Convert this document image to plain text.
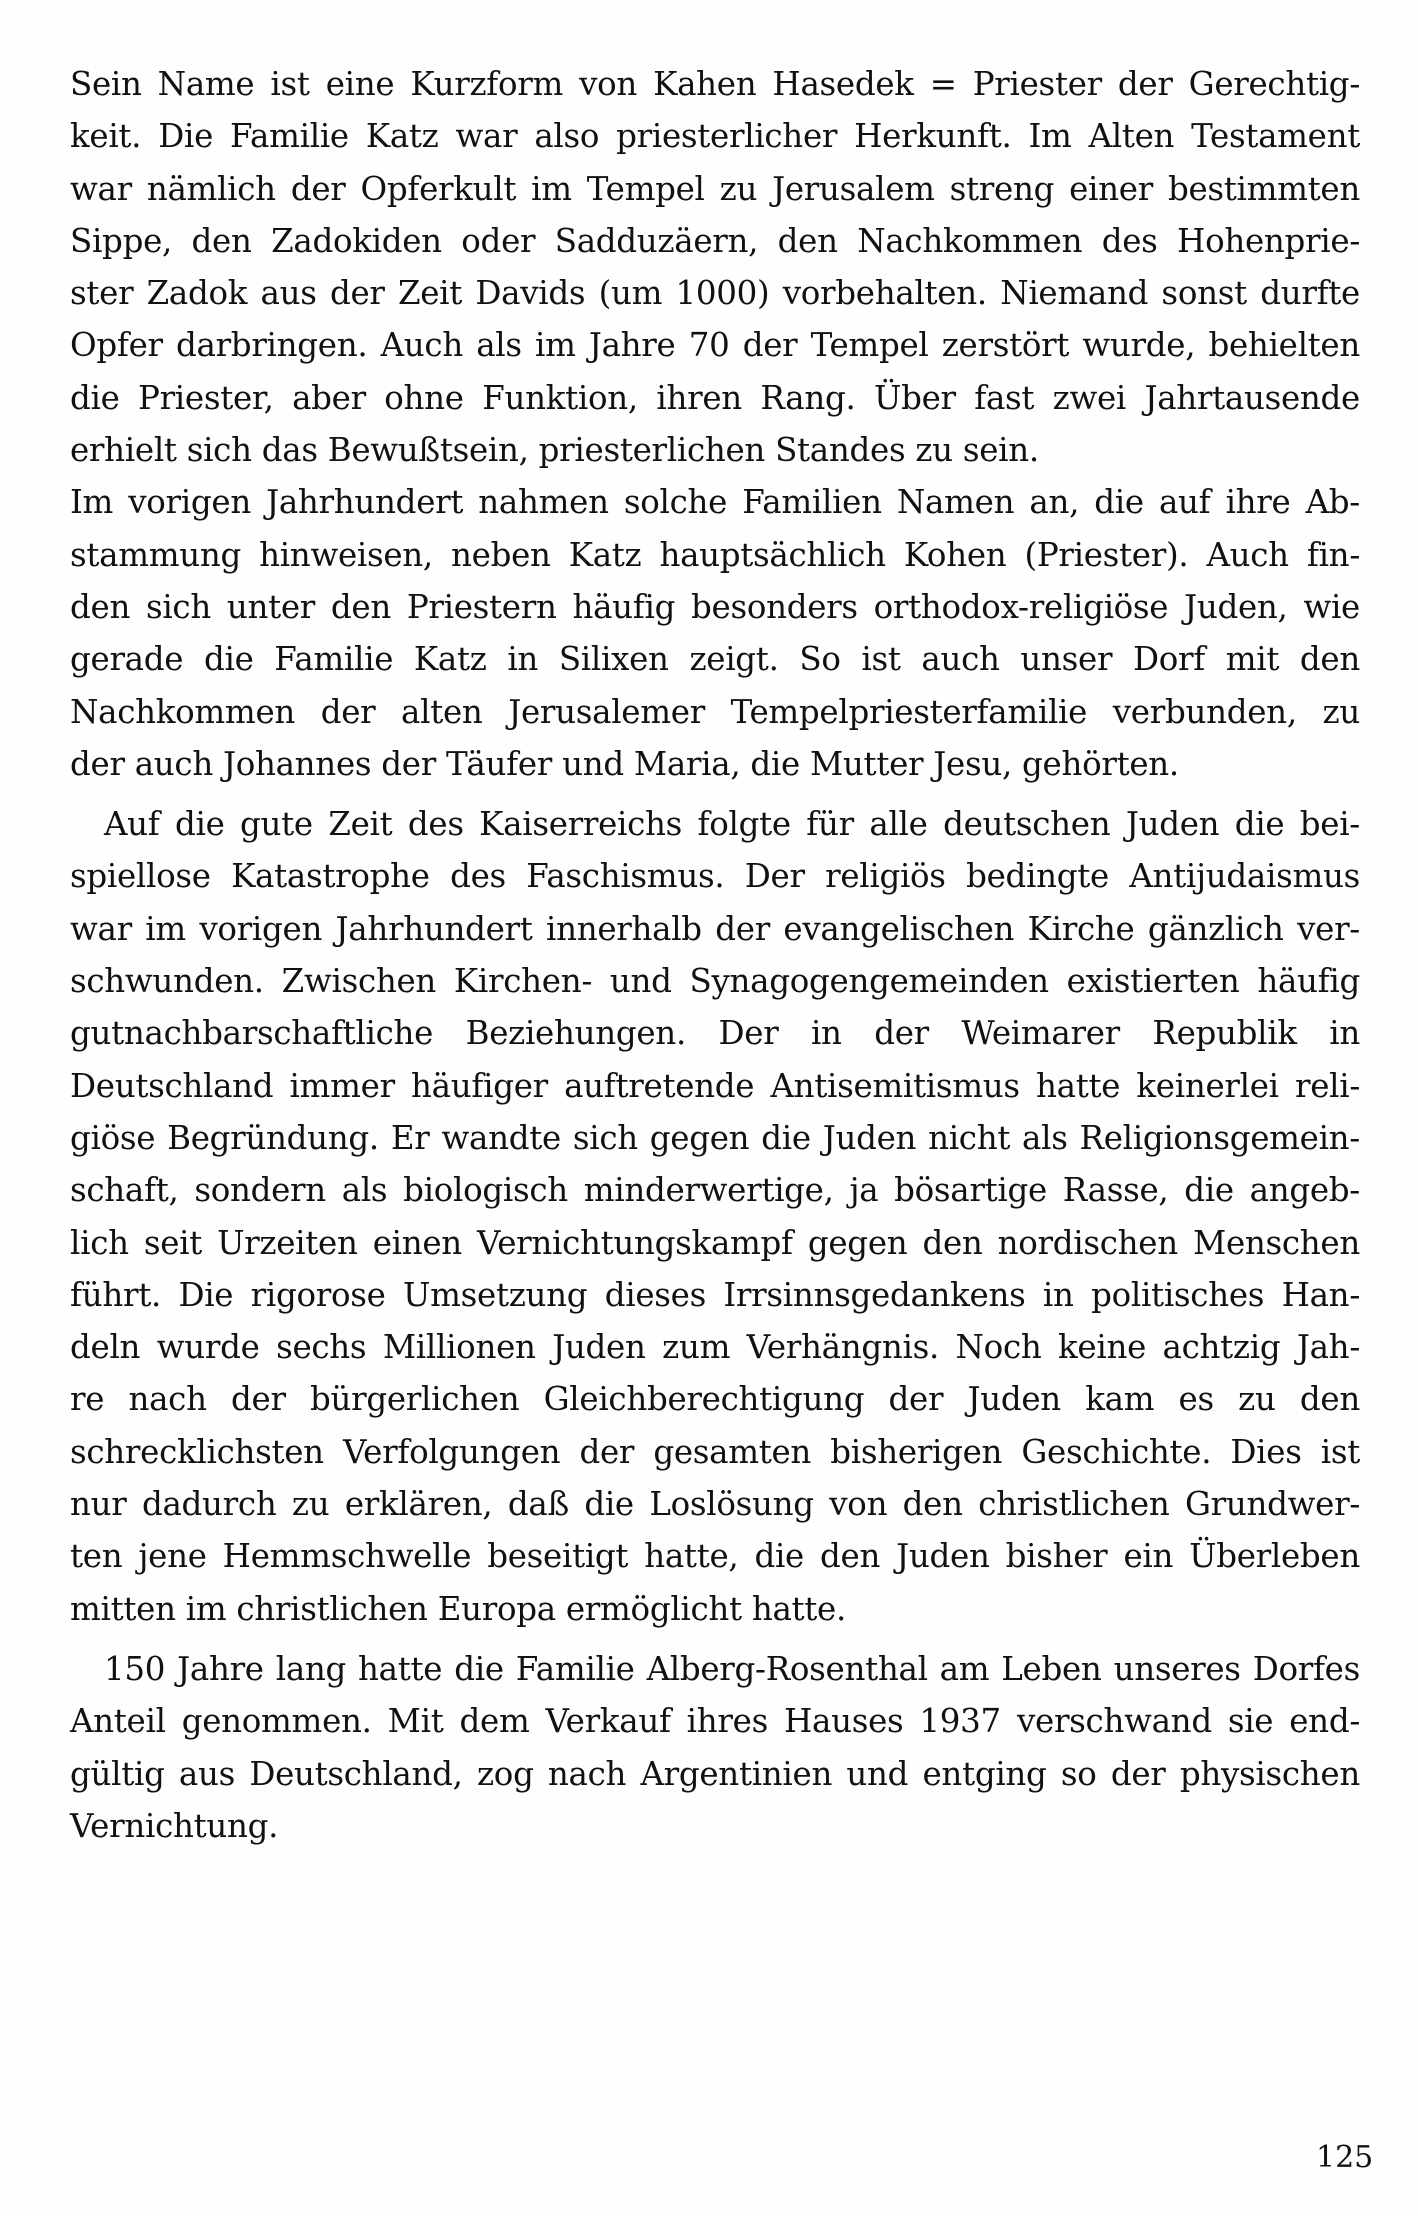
Sein Name ist eine Kurzform von Kahen Hasedek = Priester der Gerechtig-
keit. Die Familie Katz war also priesterlicher Herkunft. Im Alten Testament
war nämlich der Opferkult im Tempel zu Jerusalem streng einer bestimmten
Sippe, den Zadokiden oder Sadduzäern, den Nachkommen des Hohenprie-
ster Zadok aus der Zeit Davids (um 1000) vorbehalten. Niemand sonst durfte
Opfer darbringen. Auch als im Jahre 70 der Tempel zerstört wurde, behielten
die Priester, aber ohne Funktion, ihren Rang. Über fast zwei Jahrtausende
erhielt sich das Bewußtsein, priesterlichen Standes zu sein.
Im vorigen Jahrhundert nahmen solche Familien Namen an, die auf ihre Ab-
stammung hinweisen, neben Katz hauptsächlich Kohen (Priester). Auch fin-
den sich unter den Priestern häufig besonders orthodox-religiöse Juden, wie
gerade die Familie Katz in Silixen zeigt. So ist auch unser Dorf mit den
Nachkommen der alten Jerusalemer Tempelpriesterfamilie verbunden, zu
der auch Johannes der Täufer und Maria, die Mutter Jesu, gehörten.
Auf die gute Zeit des Kaiserreichs folgte für alle deutschen Juden die bei-
spiellose Katastrophe des Faschismus. Der religiös bedingte Antijudaismus
war im vorigen Jahrhundert innerhalb der evangelischen Kirche gänzlich ver-
schwunden. Zwischen Kirchen- und Synagogengemeinden existierten häufig
gutnachbarschaftliche Beziehungen. Der in der Weimarer Republik in
Deutschland immer häufiger auftretende Antisemitismus hatte keinerlei reli-
giöse Begründung. Er wandte sich gegen die Juden nicht als Religionsgemein-
schaft, sondern als biologisch minderwertige, ja bösartige Rasse, die angeb-
lich seit Urzeiten einen Vernichtungskampf gegen den nordischen Menschen
führt. Die rigorose Umsetzung dieses Irrsinnsgedankens in politisches Han-
deln wurde sechs Millionen Juden zum Verhängnis. Noch keine achtzig Jah-
re nach der bürgerlichen Gleichberechtigung der Juden kam es zu den
schrecklichsten Verfolgungen der gesamten bisherigen Geschichte. Dies ist
nur dadurch zu erklären, daß die Loslösung von den christlichen Grundwer-
ten jene Hemmschwelle beseitigt hatte, die den Juden bisher ein Überleben
mitten im christlichen Europa ermöglicht hatte.
150 Jahre lang hatte die Familie Alberg-Rosenthal am Leben unseres Dorfes
Anteil genommen. Mit dem Verkauf ihres Hauses 1937 verschwand sie end-
gültig aus Deutschland, zog nach Argentinien und entging so der physischen
Vernichtung.
125
